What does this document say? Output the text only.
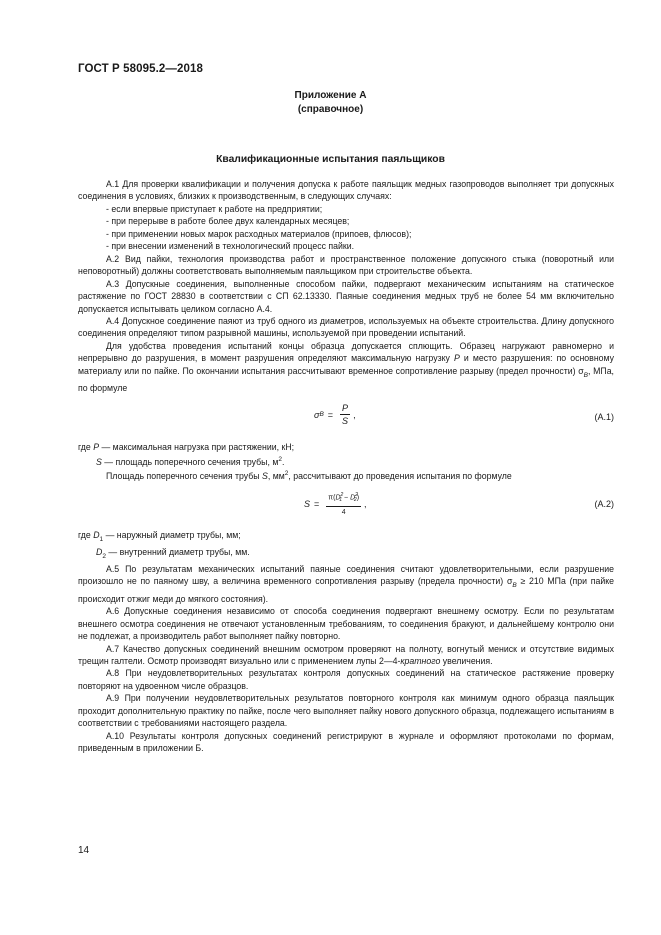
ГОСТ Р 58095.2—2018
Приложение А
(справочное)
Квалификационные испытания паяльщиков

А.1 Для проверки квалификации и получения допуска к работе паяльщик медных газопроводов выполняет три допускных соединения в условиях, близких к производственным, в следующих случаях:

- если впервые приступает к работе на предприятии;

- при перерыве в работе более двух календарных месяцев;

- при применении новых марок расходных материалов (припоев, флюсов);

- при внесении изменений в технологический процесс пайки.

А.2 Вид пайки, технология производства работ и пространственное положение допускного стыка (поворотный или неповоротный) должны соответствовать выполняемым паяльщиком при строительстве объекта.

А.3 Допускные соединения, выполненные способом пайки, подвергают механическим испытаниям на статическое растяжение по ГОСТ 28830 в соответствии с СП 62.13330. Паяные соединения медных труб не более 54 мм включительно допускается испытывать целиком согласно А.4.

А.4 Допускное соединение паяют из труб одного из диаметров, используемых на объекте строительства. Длину допускного соединения определяют типом разрывной машины, используемой при проведении испытаний.

Для удобства проведения испытаний концы образца допускается сплющить. Образец нагружают равномерно и непрерывно до разрушения, в момент разрушения определяют максимальную нагрузку P и место разрушения: по основному материалу или по пайке. По окончании испытания рассчитывают временное сопротивление разрыву (предел прочности) $\sigma_B$, МПа, по формуле

σ $B = \frac{P}{S}$ ,	(А.1)

где P — максимальная нагрузка при растяжении, кН;

S — площадь поперечного сечения трубы, $м^2$.

Площадь поперечного сечения трубы S, $мм^2$, рассчитывают до проведения испытания по формуле

$S = \frac{\pi(D^2_1 - D^2_2)}{4}$ ,	(А.2)

где $D_1$ — наружный диаметр трубы, мм;

$D_2$ — внутренний диаметр трубы, мм.

А.5 По результатам механических испытаний паяные соединения считают удовлетворительными, если разрушение произошло не по паяному шву, а величина временного сопротивления разрыву (предела прочности) $\sigma_B \ge 210$ МПа (при пайке происходит отжиг меди до мягкого состояния).

А.6 Допускные соединения независимо от способа соединения подвергают внешнему осмотру. Если по результатам внешнего осмотра соединения не отвечают установленным требованиям, то соединения бракуют, и дальнейшему контролю они не подлежат, а производитель работ выполняет пайку повторно.

А.7 Качество допускных соединений внешним осмотром проверяют на полноту, вогнутый мениск и отсутствие видимых трещин галтели. Осмотр производят визуально или с применением лупы 2—4-кратного увеличения.

А.8 При неудовлетворительных результатах контроля допускных соединений на статическое растяжение проверку повторяют на удвоенном числе образцов.

А.9 При получении неудовлетворительных результатов повторного контроля как минимум одного образца паяльщик проходит дополнительную практику по пайке, после чего выполняет пайку нового допускного образца, подлежащего испытаниям в соответствии с требованиями настоящего раздела.

А.10 Результаты контроля допускных соединений регистрируют в журнале и оформляют протоколами по формам, приведенным в приложении Б.

14
